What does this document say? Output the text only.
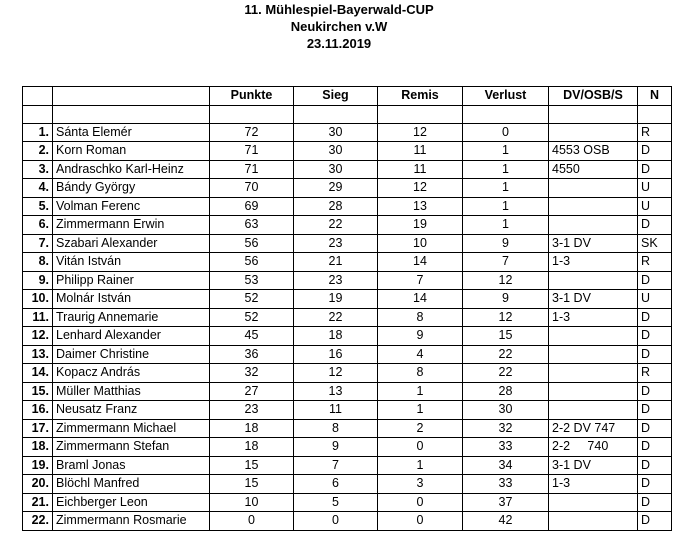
11. Mühlespiel-Bayerwald-CUP
Neukirchen v.W
23.11.2019
		Punkte	Sieg	Remis	Verlust	DV/OSB/S	N

1.	Sánta Elemér	72	30	12	0		R
2.	Korn Roman	71	30	11	1	4553 OSB	D
3.	Andraschko Karl-Heinz	71	30	11	1	4550	D
4.	Bándy György	70	29	12	1		U
5.	Volman Ferenc	69	28	13	1		U
6.	Zimmermann Erwin	63	22	19	1		D
7.	Szabari Alexander	56	23	10	9	3-1 DV	SK
8.	Vitán István	56	21	14	7	1-3	R
9.	Philipp Rainer	53	23	7	12		D
10.	Molnár István	52	19	14	9	3-1 DV	U
11.	Traurig Annemarie	52	22	8	12	1-3	D
12.	Lenhard Alexander	45	18	9	15		D
13.	Daimer Christine	36	16	4	22		D
14.	Kopacz András	32	12	8	22		R
15.	Müller Matthias	27	13	1	28		D
16.	Neusatz Franz	23	11	1	30		D
17.	Zimmermann Michael	18	8	2	32	2-2 DV 747	D
18.	Zimmermann Stefan	18	9	0	33	2-2     740	D
19.	Braml Jonas	15	7	1	34	3-1 DV	D
20.	Blöchl Manfred	15	6	3	33	1-3	D
21.	Eichberger Leon	10	5	0	37		D
22.	Zimmermann Rosmarie	0	0	0	42		D
